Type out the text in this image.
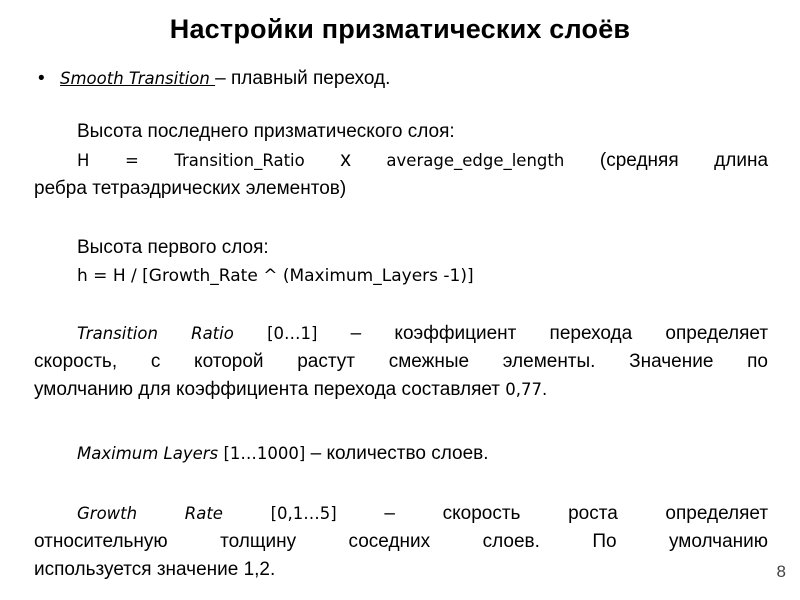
Настройки призматических слоёв
• Smooth Transition – плавный переход.
Высота последнего призматического слоя:
H = Transition_Ratio x average_edge_length (средняя длина
ребра тетраэдрических элементов)
Высота первого слоя:
h = H / [Growth_Rate ^ (Maximum_Layers -1)]
Transition Ratio [0…1] – коэффициент перехода определяет
скорость, с которой растут смежные элементы. Значение по
умолчанию для коэффициента перехода составляет 0,77.
Maximum Layers [1…1000] – количество слоев.
Growth	Rate	[0,1…5]	– скорость роста определяет
относительную толщину соседних слоев. По умолчанию
используется значение 1,2.	8
